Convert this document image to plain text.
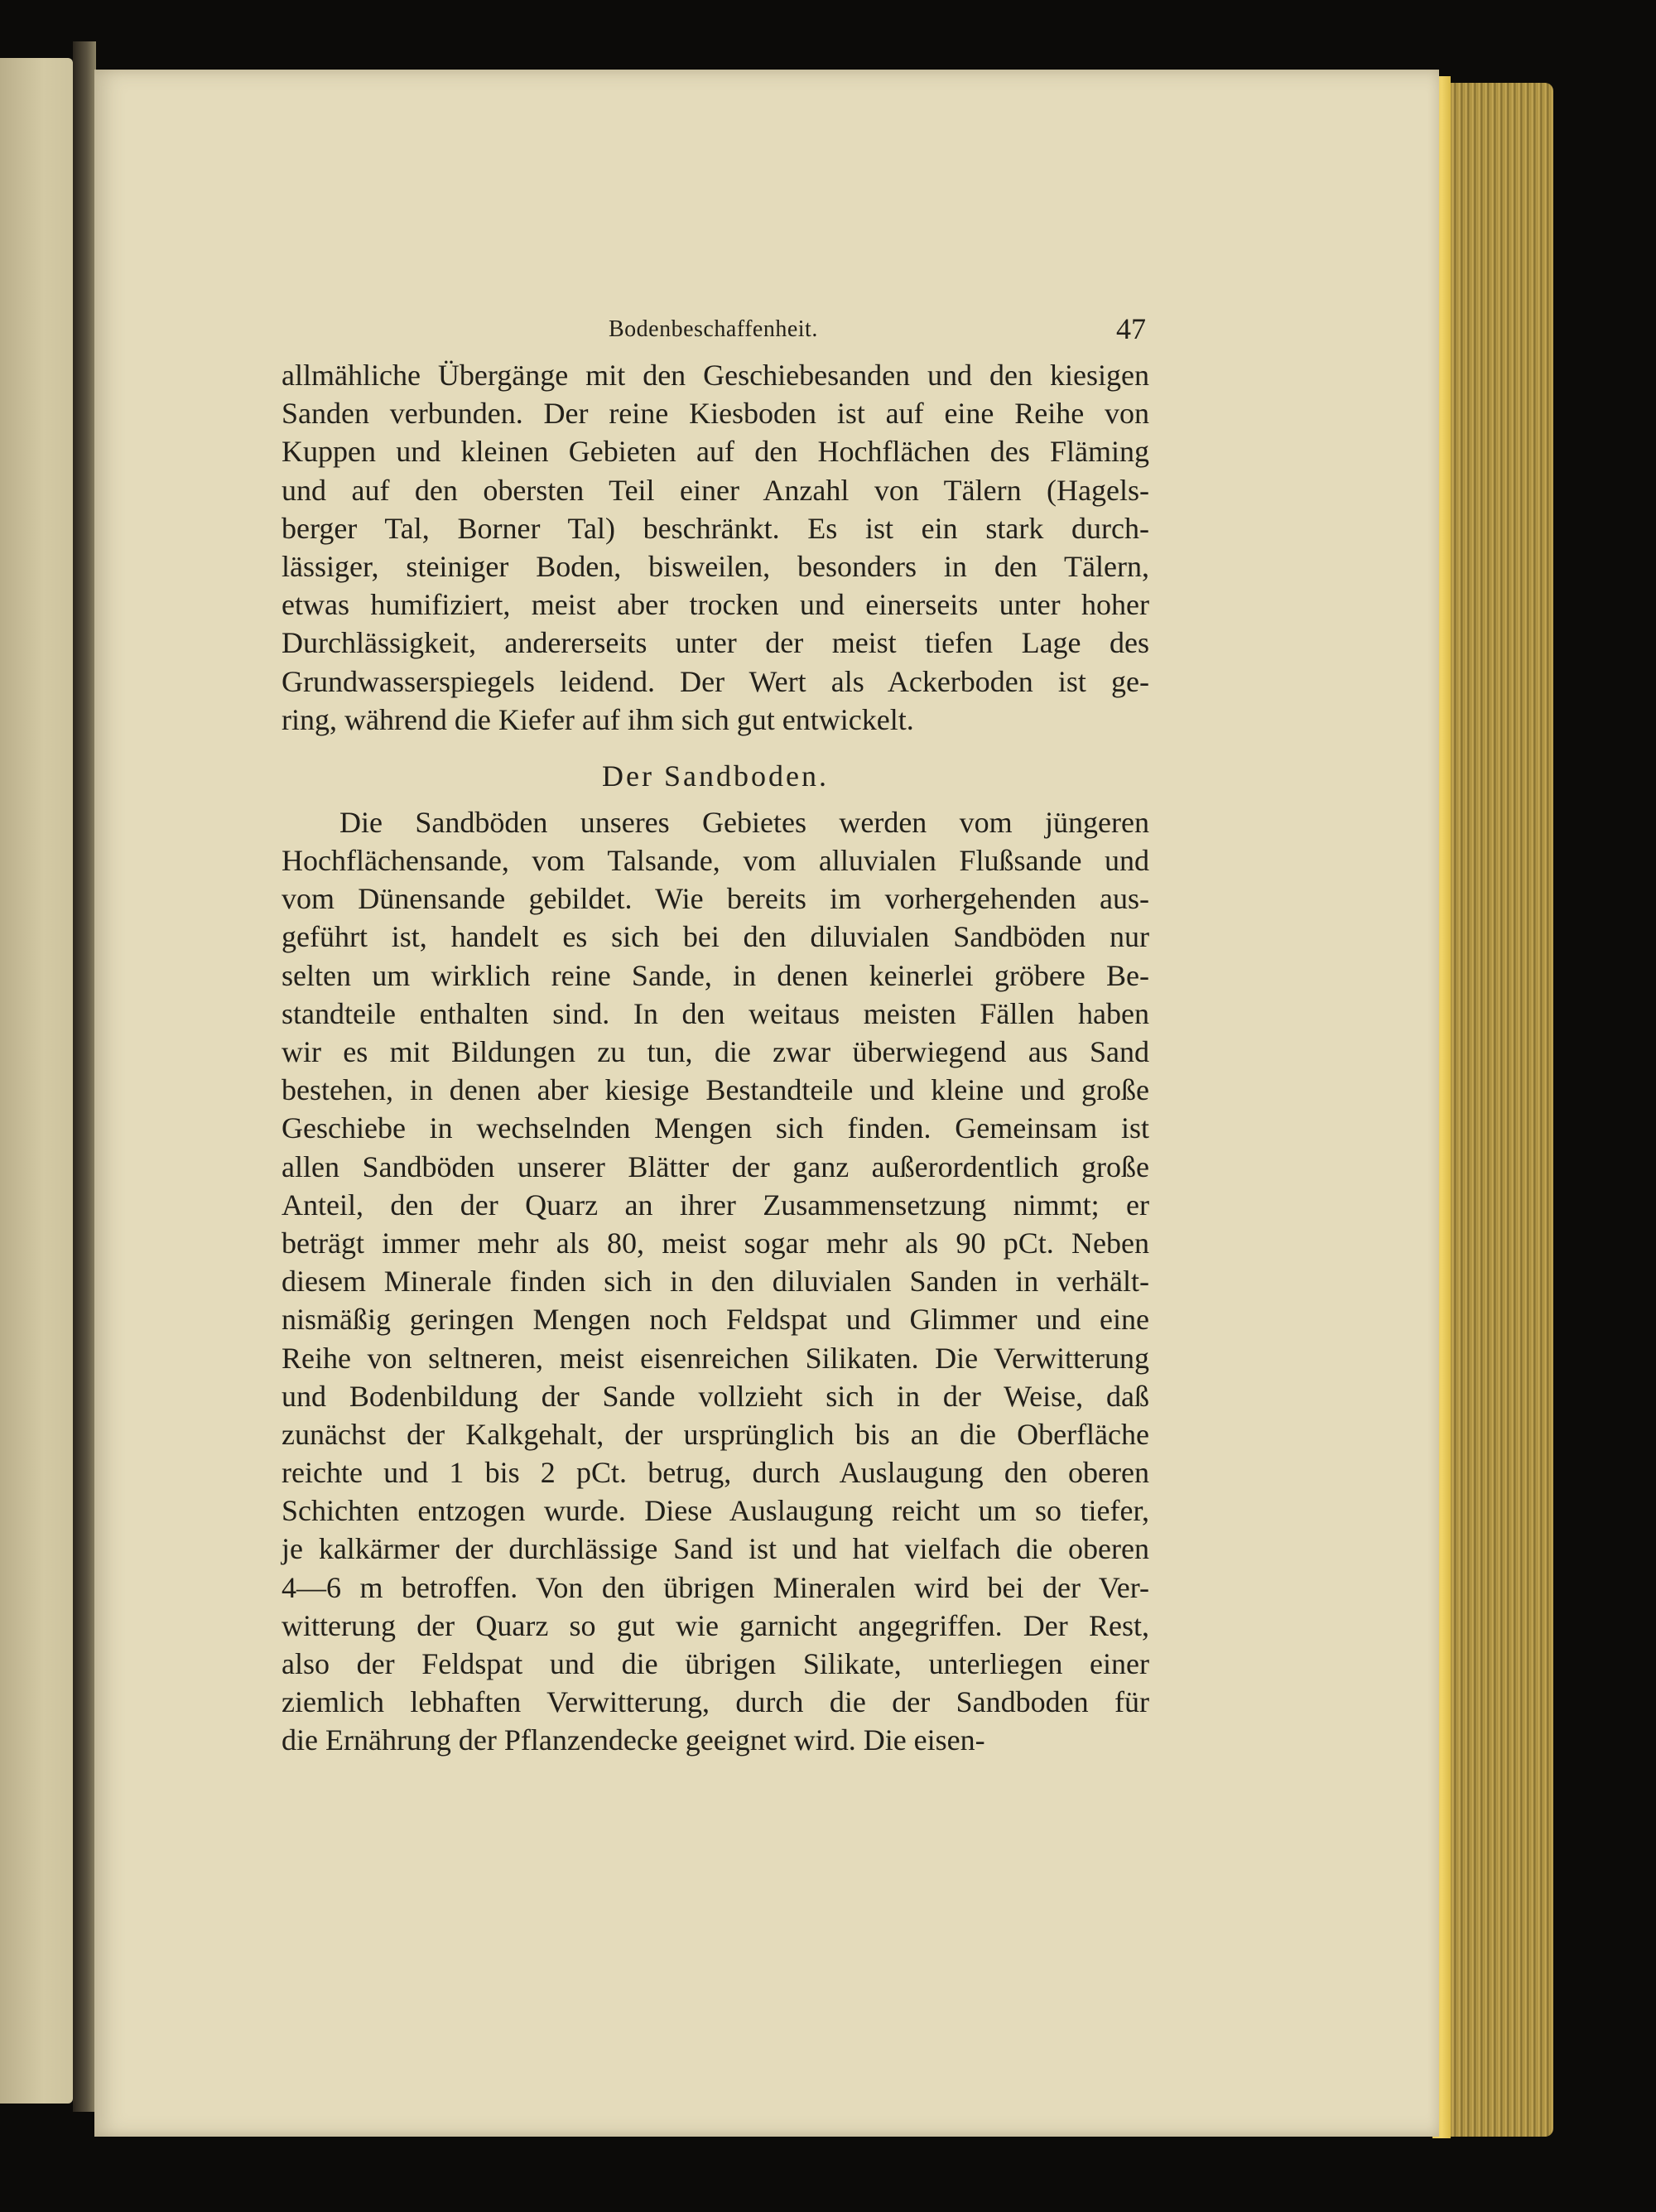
Bodenbeschaffenheit.	47
allmähliche Übergänge mit den Geschiebesanden und den kiesigen
Sanden verbunden. Der reine Kiesboden ist auf eine Reihe von
Kuppen und kleinen Gebieten auf den Hochflächen des Fläming
und auf den obersten Teil einer Anzahl von Tälern (Hagels-
berger Tal, Borner Tal) beschränkt. Es ist ein stark durch-
lässiger, steiniger Boden, bisweilen, besonders in den Tälern,
etwas humifiziert, meist aber trocken und einerseits unter hoher
Durchlässigkeit, andererseits unter der meist tiefen Lage des
Grundwasserspiegels leidend. Der Wert als Ackerboden ist ge-
ring, während die Kiefer auf ihm sich gut entwickelt.
Der Sandboden.
Die Sandböden unseres Gebietes werden vom jüngeren
Hochflächensande, vom Talsande, vom alluvialen Flußsande und
vom Dünensande gebildet. Wie bereits im vorhergehenden aus-
geführt ist, handelt es sich bei den diluvialen Sandböden nur
selten um wirklich reine Sande, in denen keinerlei gröbere Be-
standteile enthalten sind. In den weitaus meisten Fällen haben
wir es mit Bildungen zu tun, die zwar überwiegend aus Sand
bestehen, in denen aber kiesige Bestandteile und kleine und große
Geschiebe in wechselnden Mengen sich finden. Gemeinsam ist
allen Sandböden unserer Blätter der ganz außerordentlich große
Anteil, den der Quarz an ihrer Zusammensetzung nimmt; er
beträgt immer mehr als 80, meist sogar mehr als 90 pCt. Neben
diesem Minerale finden sich in den diluvialen Sanden in verhält-
nismäßig geringen Mengen noch Feldspat und Glimmer und eine
Reihe von seltneren, meist eisenreichen Silikaten. Die Verwitterung
und Bodenbildung der Sande vollzieht sich in der Weise, daß
zunächst der Kalkgehalt, der ursprünglich bis an die Oberfläche
reichte und 1 bis 2 pCt. betrug, durch Auslaugung den oberen
Schichten entzogen wurde. Diese Auslaugung reicht um so tiefer,
je kalkärmer der durchlässige Sand ist und hat vielfach die oberen
4—6 m betroffen. Von den übrigen Mineralen wird bei der Ver-
witterung der Quarz so gut wie garnicht angegriffen. Der Rest,
also der Feldspat und die übrigen Silikate, unterliegen einer
ziemlich lebhaften Verwitterung, durch die der Sandboden für
die Ernährung der Pflanzendecke geeignet wird. Die eisen-
